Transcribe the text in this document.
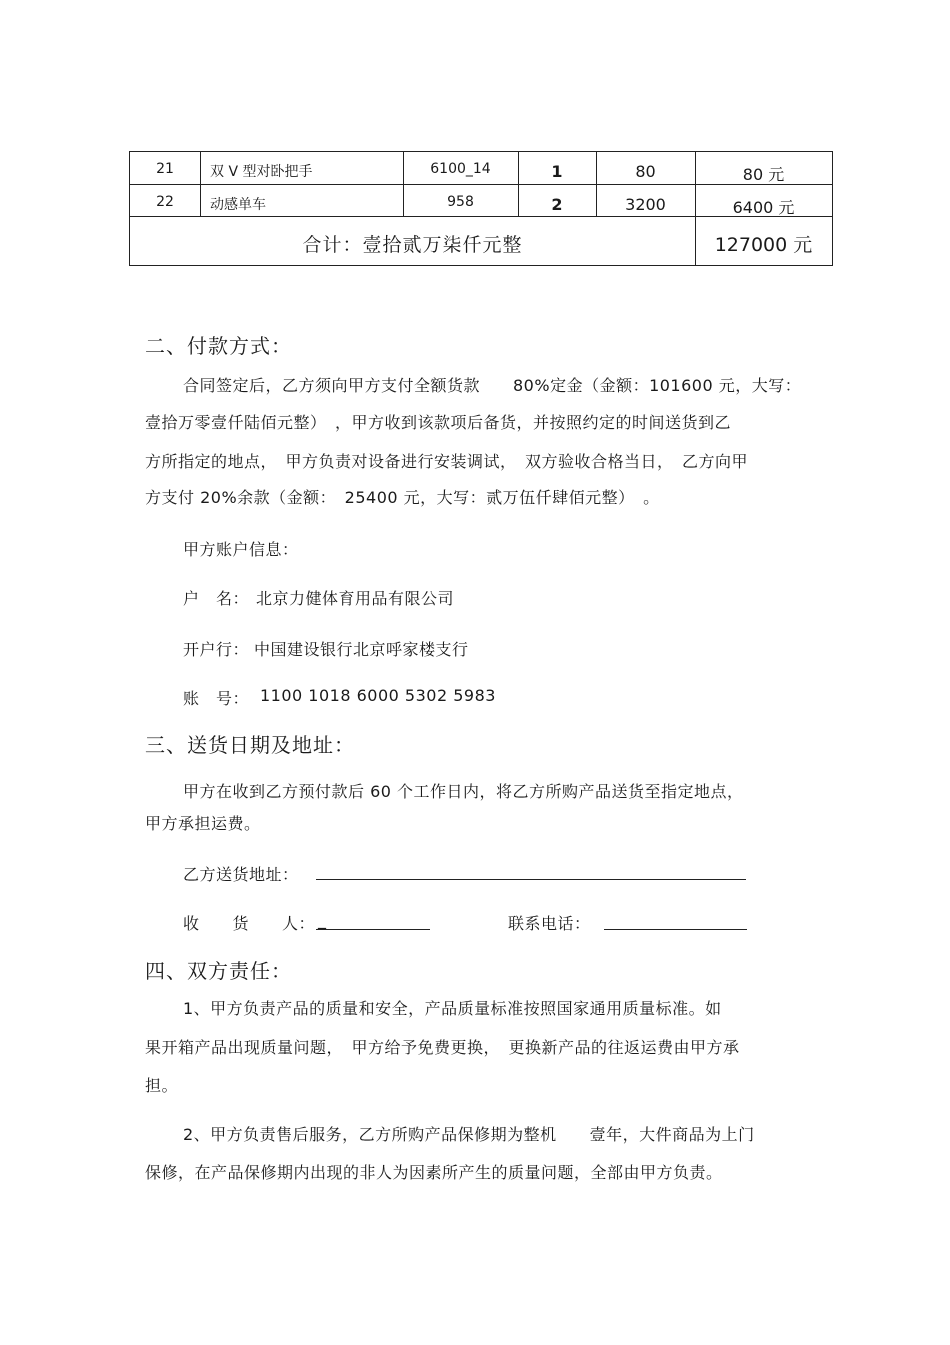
21	双 V 型对卧把手	6100_14	1	80	80 元
22	动感单车	958	2	3200	6400 元
合计：壹拾贰万柒仟元整	127000 元
二、付款方式：
合同签定后，乙方须向甲方支付全额货款　　80%定金（金额：101600 元，大写：
壹拾万零壹仟陆佰元整）　，甲方收到该款项后备货，并按照约定的时间送货到乙
方所指定的地点，　甲方负责对设备进行安装调试，　双方验收合格当日，　乙方向甲
方支付 20%余款（金额：　25400 元，大写：贰万伍仟肆佰元整）　。
甲方账户信息：
户　名： 北京力健体育用品有限公司
开户行： 中国建设银行北京呼家楼支行
账　号： 1100 1018 6000 5302 5983
三、送货日期及地址：
甲方在收到乙方预付款后 60 个工作日内，将乙方所购产品送货至指定地点，
甲方承担运费。
乙方送货地址：
收　　货　　人： _	联系电话：
四、双方责任：
1、甲方负责产品的质量和安全，产品质量标准按照国家通用质量标准。如
果开箱产品出现质量问题，　甲方给予免费更换，　更换新产品的往返运费由甲方承
担。
2、甲方负责售后服务，乙方所购产品保修期为整机　　壹年，大件商品为上门
保修，在产品保修期内出现的非人为因素所产生的质量问题，全部由甲方负责。
